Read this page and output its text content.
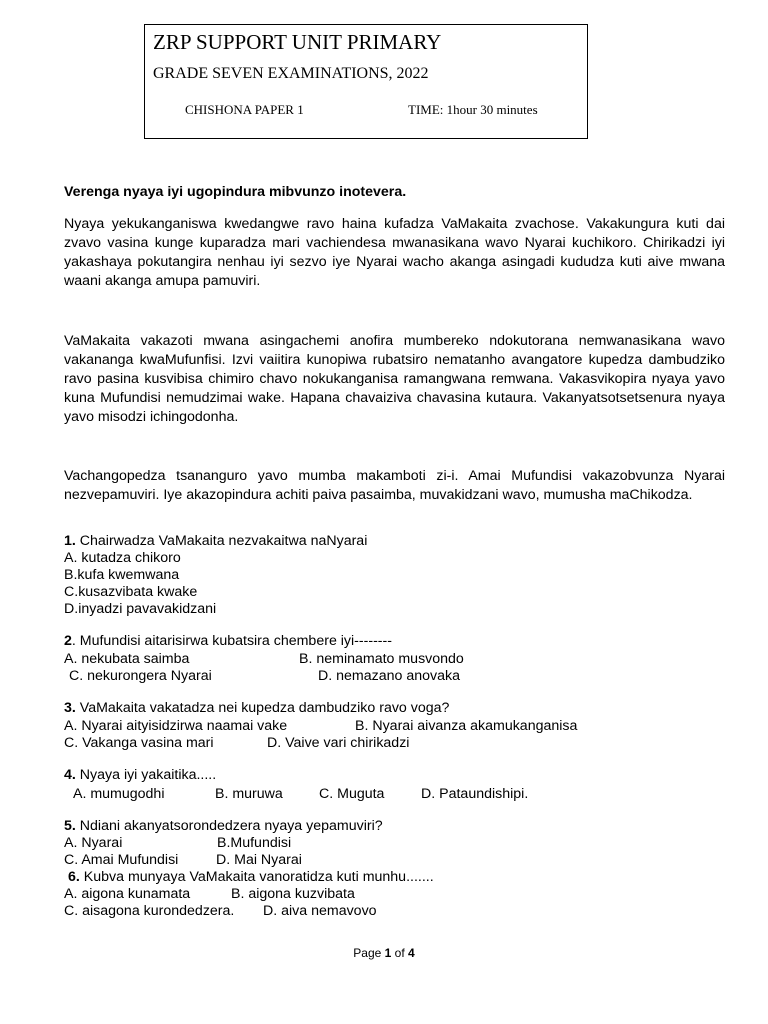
ZRP SUPPORT UNIT PRIMARY
GRADE SEVEN EXAMINATIONS, 2022
CHISHONA PAPER 1	TIME: 1hour 30 minutes
Verenga nyaya iyi ugopindura mibvunzo inotevera.

Nyaya yekukanganiswa kwedangwe ravo haina kufadza VaMakaita zvachose. Vakakungura kuti dai zvavo vasina kunge kuparadza mari vachiendesa mwanasikana wavo Nyarai kuchikoro. Chirikadzi iyi yakashaya pokutangira nenhau iyi sezvo iye Nyarai wacho akanga asingadi kududza kuti aive mwana waani akanga amupa pamuviri.

VaMakaita vakazoti mwana asingachemi anofira mumbereko ndokutorana nemwanasikana wavo vakananga kwaMufunfisi. Izvi vaiitira kunopiwa rubatsiro nematanho avangatore kupedza dambudziko ravo pasina kusvibisa chimiro chavo nokukanganisa ramangwana remwana. Vakasvikopira nyaya yavo kuna Mufundisi nemudzimai wake. Hapana chavaiziva chavasina kutaura. Vakanyatsotsetsenura nyaya yavo misodzi ichingodonha.

Vachangopedza tsananguro yavo mumba makamboti zi-i. Amai Mufundisi vakazobvunza Nyarai nezvepamuviri. Iye akazopindura achiti paiva pasaimba, muvakidzani wavo, mumusha maChikodza.

1. Chairwadza VaMakaita nezvakaitwa naNyarai
A. kutadza chikoro
B.kufa kwemwana
C.kusazvibata kwake
D.inyadzi pavavakidzani
2. Mufundisi aitarisirwa kubatsira chembere iyi--------
A. nekubata saimba	B. neminamato musvondo
C. nekurongera Nyarai	D. nemazano anovaka
3. VaMakaita vakatadza nei kupedza dambudziko ravo voga?
A. Nyarai aityisidzirwa naamai vake	B. Nyarai aivanza akamukanganisa
C. Vakanga vasina mari	D. Vaive vari chirikadzi
4. Nyaya iyi yakaitika.....
A. mumugodhi	B. muruwa	C. Muguta	D. Pataundishipi.
5. Ndiani akanyatsorondedzera nyaya yepamuviri?
A. Nyarai	B.Mufundisi
C. Amai Mufundisi	D. Mai Nyarai
6. Kubva munyaya VaMakaita vanoratidza kuti munhu.......
A. aigona kunamata	B. aigona kuzvibata
C. aisagona kurondedzera. D. aiva nemavovo
Page 1 of 4
